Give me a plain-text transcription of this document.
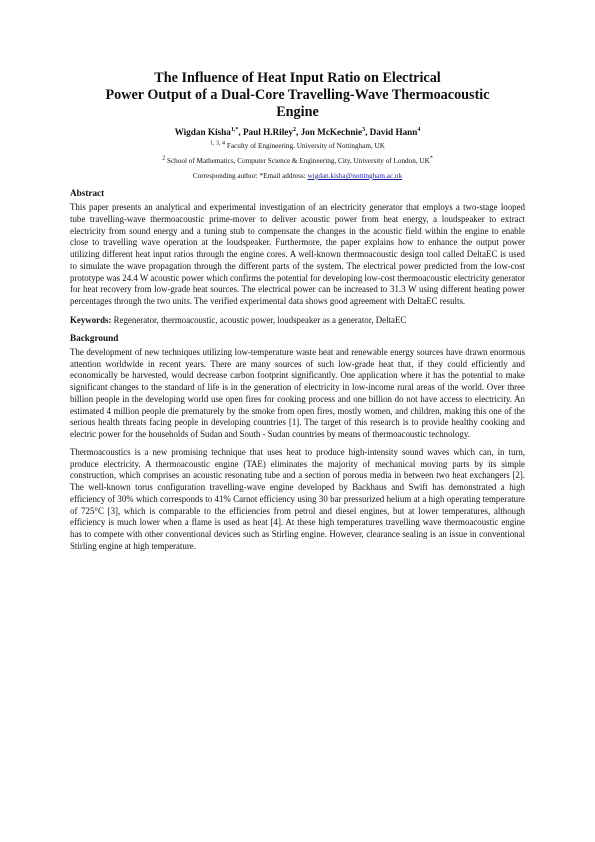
The Influence of Heat Input Ratio on Electrical
Power Output of a Dual-Core Travelling-Wave Thermoacoustic
Engine
Wigdan Kisha$^{1,*}$, Paul H.Riley$^2$, Jon McKechnie$^3$, David Hann$^4$
$^{1, 3, 4}$ Faculty of Engineering, University of Nottingham, UK
$^2$ School of Mathematics, Computer Science & Engineering, City, University of London, UK*
Corresponding author: *Email address: wigdan.kisha@nottingham.ac.uk
Abstract

This paper presents an analytical and experimental investigation of an electricity generator that employs a two-stage looped tube travelling-wave thermoacoustic prime-mover to deliver acoustic power from heat energy, a loudspeaker to extract electricity from sound energy and a tuning stub to compensate the changes in the acoustic field within the engine to enable close to travelling wave operation at the loudspeaker. Furthermore, the paper explains how to enhance the output power utilizing different heat input ratios through the engine cores. A well-known thermoacoustic design tool called DeltaEC is used to simulate the wave propagation through the different parts of the system. The electrical power predicted from the low-cost prototype was 24.4 W acoustic power which confirms the potential for developing low-cost thermoacoustic electricity generator for heat recovery from low-grade heat sources. The electrical power can be increased to 31.3 W using different heating power percentages through the two units. The verified experimental data shows good agreement with DeltaEC results.

Keywords: Regenerator, thermoacoustic, acoustic power, loudspeaker as a generator, DeltaEC
Background

The development of new techniques utilizing low-temperature waste heat and renewable energy sources have drawn enormous attention worldwide in recent years. There are many sources of such low-grade heat that, if they could efficiently and economically be harvested, would decrease carbon footprint significantly. One application where it has the potential to make significant changes to the standard of life is in the generation of electricity in low-income rural areas of the world. Over three billion people in the developing world use open fires for cooking process and one billion do not have access to electricity. An estimated 4 million people die prematurely by the smoke from open fires, mostly women, and children, making this one of the serious health threats facing people in developing countries [1]. The target of this research is to provide healthy cooking and electric power for the households of Sudan and South - Sudan countries by means of thermoacoustic technology.

Thermoacoustics is a new promising technique that uses heat to produce high-intensity sound waves which can, in turn, produce electricity. A thermoacoustic engine (TAE) eliminates the majority of mechanical moving parts by its simple construction, which comprises an acoustic resonating tube and a section of porous media in between two heat exchangers [2]. The well-known torus configuration travelling-wave engine developed by Backhaus and Swift has demonstrated a high efficiency of 30% which corresponds to 41% Carnot efficiency using 30 bar pressurized helium at a high operating temperature of 725°C [3], which is comparable to the efficiencies from petrol and diesel engines, but at lower temperatures, although efficiency is much lower when a flame is used as heat [4]. At these high temperatures travelling wave thermoacoustic engine has to compete with other conventional devices such as Stirling engine. However, clearance sealing is an issue in conventional Stirling engine at high temperature.
